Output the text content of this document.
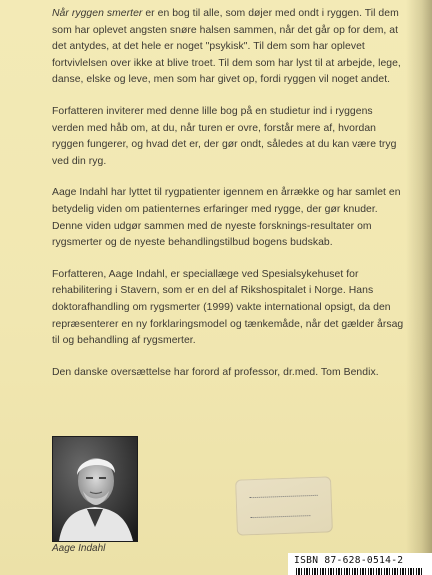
Når ryggen smerter er en bog til alle, som døjer med ondt i ryggen. Til dem som har oplevet angsten snøre halsen sammen, når det går op for dem, at det antydes, at det hele er noget "psykisk". Til dem som har oplevet fortvivlelsen over ikke at blive troet. Til dem som har lyst til at arbejde, lege, danse, elske og leve, men som har givet op, fordi ryggen vil noget andet.

Forfatteren inviterer med denne lille bog på en studietur ind i ryggens verden med håb om, at du, når turen er ovre, forstår mere af, hvordan ryggen fungerer, og hvad det er, der gør ondt, således at du kan være tryg ved din ryg.

Aage Indahl har lyttet til rygpatienter igennem en årrække og har samlet en betydelig viden om patienternes erfaringer med rygge, der gør knuder. Denne viden udgør sammen med de nyeste forsknings-resultater om rygsmerter og de nyeste behandlingstilbud bogens budskab.

Forfatteren, Aage Indahl, er speciallæge ved Spesialsykehuset for rehabilitering i Stavern, som er en del af Rikshospitalet i Norge. Hans doktorafhandling om rygsmerter (1999) vakte international opsigt, da den repræsenterer en ny forklaringsmodel og tænkemåde, når det gælder årsag til og behandling af rygsmerter.

Den danske oversættelse har forord af professor, dr.med. Tom Bendix.

Aage Indahl
ISBN 87-628-0514-2
